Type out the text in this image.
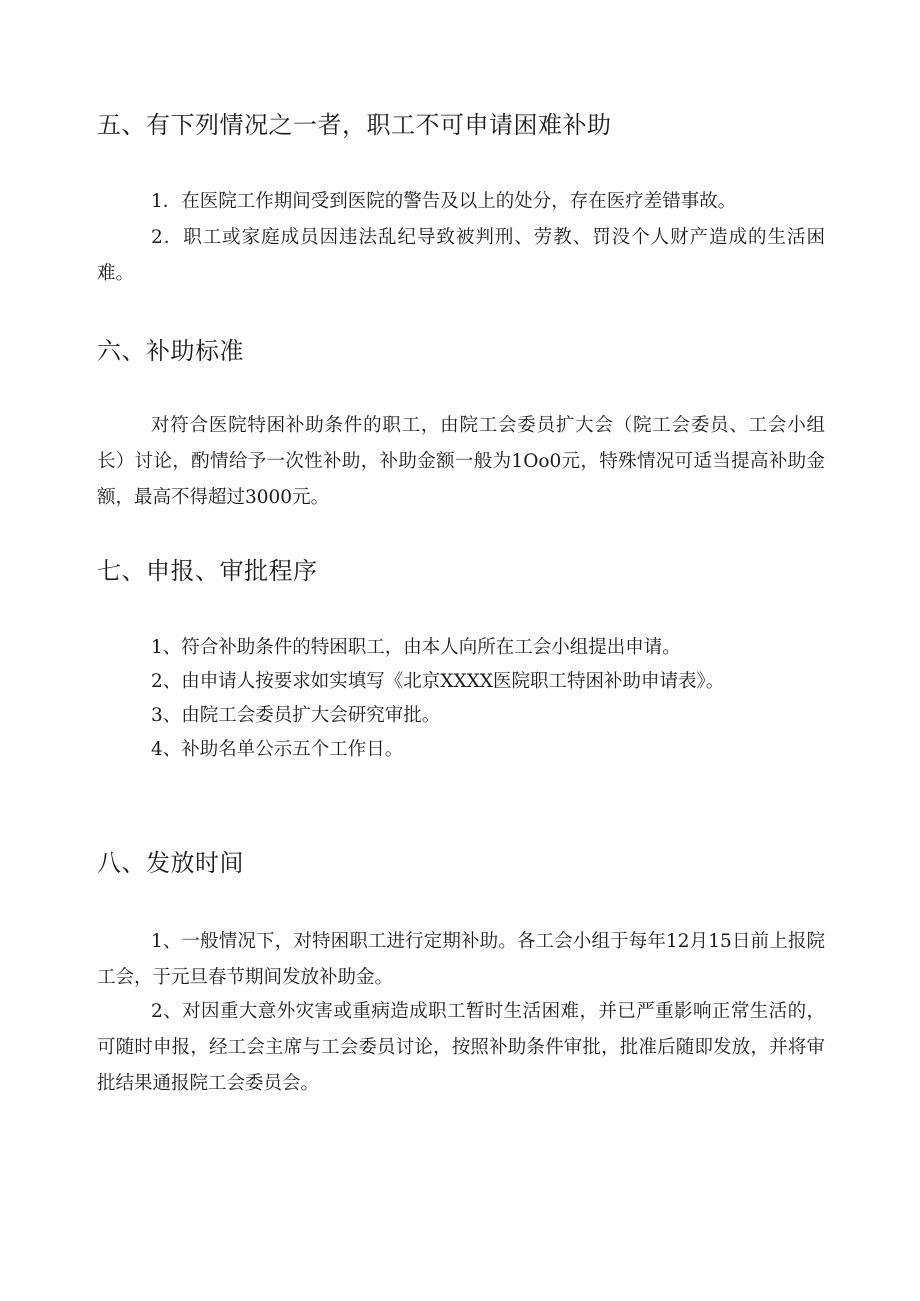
五、有下列情况之一者，职工不可申请困难补助

1．在医院工作期间受到医院的警告及以上的处分，存在医疗差错事故。

2．职工或家庭成员因违法乱纪导致被判刑、劳教、罚没个人财产造成的生活困难。

六、补助标准

对符合医院特困补助条件的职工，由院工会委员扩大会（院工会委员、工会小组长）讨论，酌情给予一次性补助，补助金额一般为1Oo0元，特殊情况可适当提高补助金额，最高不得超过3000元。

七、申报、审批程序

1、符合补助条件的特困职工，由本人向所在工会小组提出申请。

2、由申请人按要求如实填写《北京XXXX医院职工特困补助申请表》。

3、由院工会委员扩大会研究审批。

4、补助名单公示五个工作日。

八、发放时间

1、一般情况下，对特困职工进行定期补助。各工会小组于每年12月15日前上报院工会，于元旦春节期间发放补助金。

2、对因重大意外灾害或重病造成职工暂时生活困难，并已严重影响正常生活的，可随时申报，经工会主席与工会委员讨论，按照补助条件审批，批准后随即发放，并将审批结果通报院工会委员会。
